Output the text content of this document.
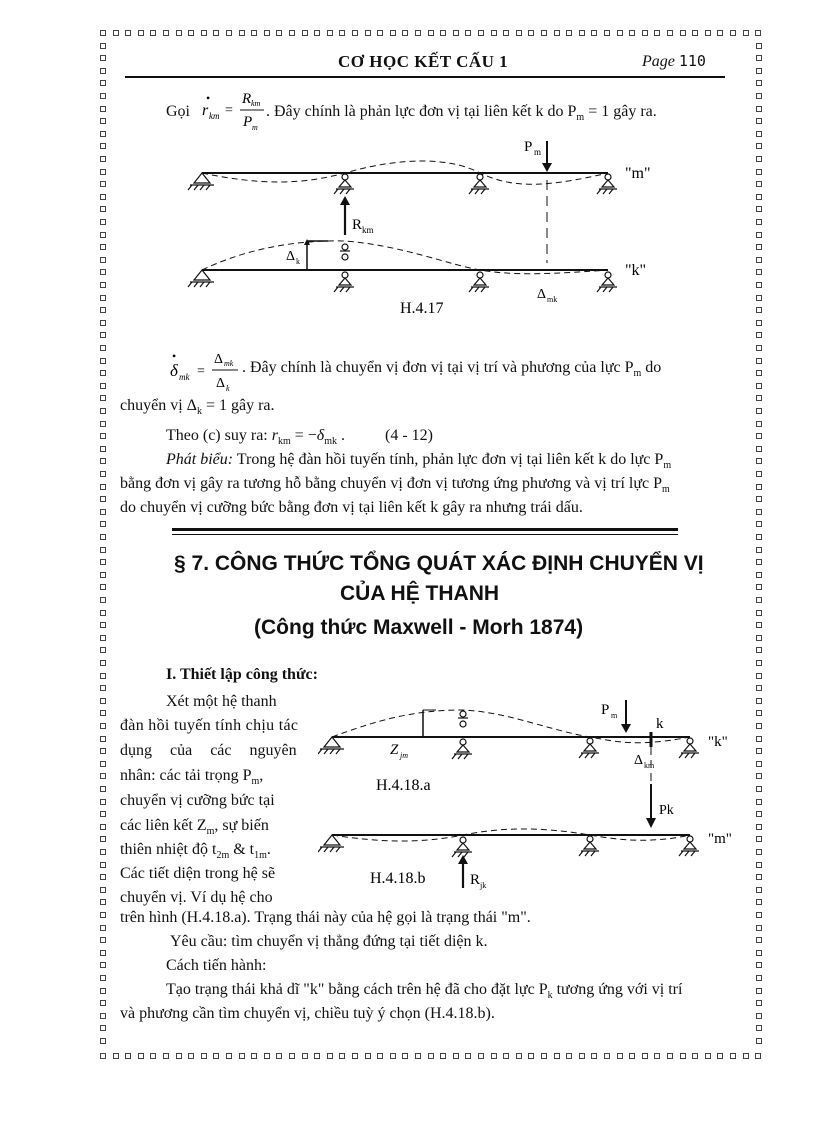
CƠ HỌC KẾT CẤU 1	Page 110
Gọi r km
•
=
R km
P m
. Đây chính là phản lực đơn vị tại liên kết k do $P_m = 1$ gây ra.
P m
"m"
"k"
R km
Δ k
Δ mk
H.4.17
δ mk
•
=
Δ mk
Δ k
. Đây chính là chuyển vị đơn vị tại vị trí và phương của lực $P_m$ do
chuyển vị $\Delta_k = 1$ gây ra.
Theo (c) suy ra: $r_{km} = -\delta_{mk}$ .	(4 - 12)
Phát biểu: Trong hệ đàn hồi tuyến tính, phản lực đơn vị tại liên kết k do lực $P_m$
bằng đơn vị gây ra tương hỗ bằng chuyển vị đơn vị tương ứng phương và vị trí lực $P_m$
do chuyển vị cưỡng bức bằng đơn vị tại liên kết k gây ra nhưng trái dấu.
§ 7. CÔNG THỨC TỔNG QUÁT XÁC ĐỊNH CHUYỂN VỊ
CỦA HỆ THANH
(Công thức Maxwell - Morh 1874)
I. Thiết lập công thức:
Xét một hệ thanh
đàn hồi tuyến tính chịu tác
dụng của các nguyên
nhân: các tải trọng $P_m$,
chuyển vị cưỡng bức tại
các liên kết $Z_m$, sự biến
thiên nhiệt độ $t_{2m}$ & $t_{1m}$.
Các tiết diện trong hệ sẽ
chuyển vị. Ví dụ hệ cho
Z jm
P m
k
Δ km
"k"
"m"
Pk
R jk
H.4.18.a
H.4.18.b
trên hình (H.4.18.a). Trạng thái này của hệ gọi là trạng thái "m".
Yêu cầu: tìm chuyển vị thẳng đứng tại tiết diện k.
Cách tiến hành:
Tạo trạng thái khả dĩ "k" bằng cách trên hệ đã cho đặt lực $P_k$ tương ứng với vị trí
và phương cần tìm chuyển vị, chiều tuỳ ý chọn (H.4.18.b).
